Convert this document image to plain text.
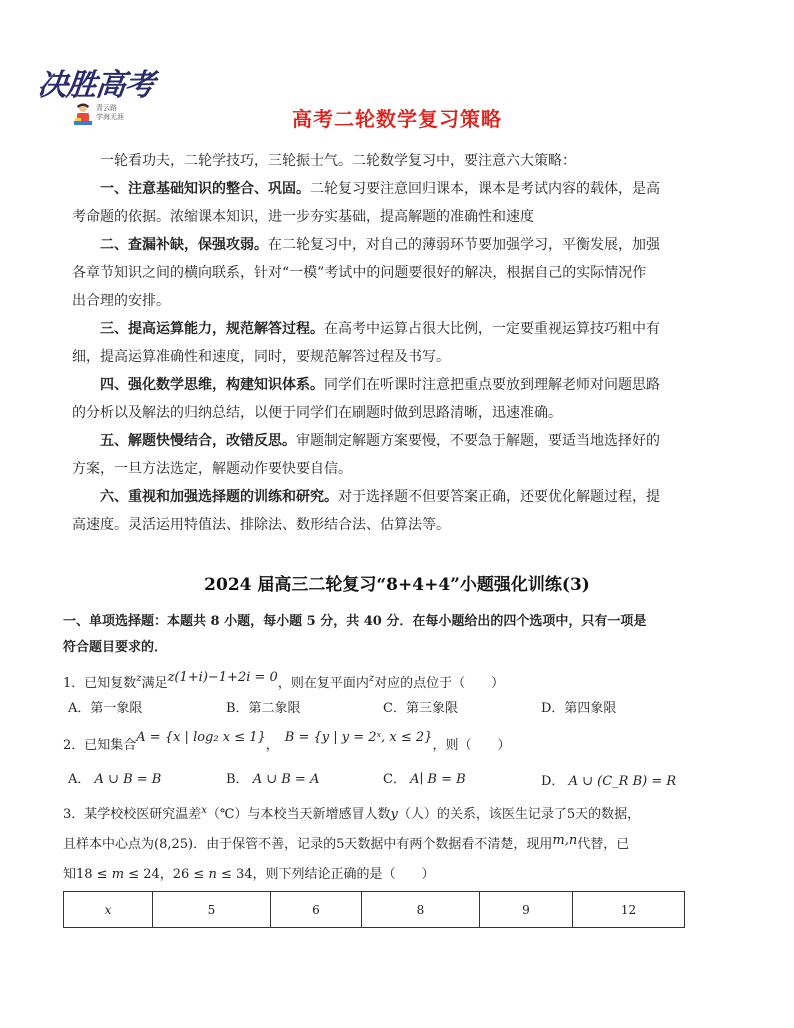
决胜高考
青云路
学海无涯	高考二轮数学复习策略
一轮看功夫，二轮学技巧，三轮振士气。二轮数学复习中，要注意六大策略：
一、注意基础知识的整合、巩固。二轮复习要注意回归课本，课本是考试内容的载体，是高
考命题的依据。浓缩课本知识，进一步夯实基础，提高解题的准确性和速度
二、查漏补缺，保强攻弱。在二轮复习中，对自己的薄弱环节要加强学习，平衡发展，加强
各章节知识之间的横向联系，针对“一模”考试中的问题要很好的解决，根据自己的实际情况作
出合理的安排。
三、提高运算能力，规范解答过程。在高考中运算占很大比例，一定要重视运算技巧粗中有
细，提高运算准确性和速度，同时，要规范解答过程及书写。
四、强化数学思维，构建知识体系。同学们在听课时注意把重点要放到理解老师对问题思路
的分析以及解法的归纳总结，以便于同学们在刷题时做到思路清晰，迅速准确。
五、解题快慢结合，改错反思。审题制定解题方案要慢，不要急于解题，要适当地选择好的
方案，一旦方法选定，解题动作要快要自信。
六、重视和加强选择题的训练和研究。对于选择题不但要答案正确，还要优化解题过程，提
高速度。灵活运用特值法、排除法、数形结合法、估算法等。
2024 届高三二轮复习“8+4+4”小题强化训练(3)
一、单项选择题：本题共 8 小题，每小题 5 分，共 40 分．在每小题给出的四个选项中，只有一项是
符合题目要求的．
1．已知复数$^z$满足z(1+i)−1+2i = 0，则在复平面内$^z$对应的点位于（　　）
A．第一象限	B．第二象限	C．第三象限	D．第四象限
2．已知集合A = {x | log₂ x ≤ 1}，B = {y | y = 2ˣ, x ≤ 2}，则（　　）
A． A ∪ B = B	B． A ∪ B = A	C． A∣ B = B	D． A ∪ (C_R B) = R
3．某学校校医研究温差$^x$（℃）与本校当天新增感冒人数y（人）的关系，该医生记录了5天的数据，
且样本中心点为(8,25)．由于保管不善，记录的5天数据中有两个数据看不清楚，现用m,n代替，已
知18 ≤ m ≤ 24，26 ≤ n ≤ 34，则下列结论正确的是（　　）
x	5	6	8	9	12
